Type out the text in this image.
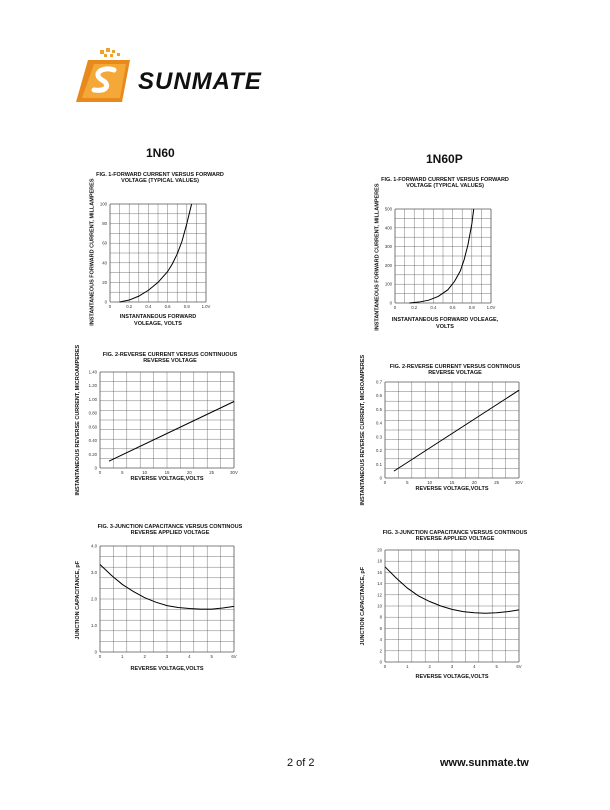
SUNMATE
1N60	1N60P
0	0.2	0.4	0.6	0.8	1.0V
0
20
40
60
80
100
FIG. 1-FORWARD CURRENT VERSUS FORWARD VOLTAGE (TYPICAL VALUES)
INSTANTANEOUS FORWARD VOLEAGE, VOLTS
INSTANTANEOUS FORWARD CURRENT, MILLAMPERES
0	5	10	15	20	25	30V
0
0.20
0.40
0.60
0.80
1.00
1.20
1.40
FIG. 2-REVERSE CURRENT VERSUS CONTINUOUS REVERSE VOLTAGE
REVERSE VOLTAGE,VOLTS
INSTANTANEOUS REVERSE CURRENT, MICROAMPERES
0	1	2	3	4	5	6V
0
1.0
2.0
3.0
4.0
FIG. 3-JUNCTION CAPACITANCE VERSUS CONTINOUS REVERSE APPLIED VOLTAGE
REVERSE VOLTAGE,VOLTS
JUNCTION CAPACITANCE, pF
0	0.2	0.4	0.6	0.8	1.0V
0
100
200
300
400
500
FIG. 1-FORWARD CURRENT VERSUS FORWARD VOLTAGE (TYPICAL VALUES)
INSTANTANEOUS FORWARD VOLEAGE, VOLTS
INSTANTANEOUS FORWARD CURRENT, MILLAMPERES
0	5	10	15	20	25	30V
0
0.1
0.2
0.3
0.4
0.5
0.6
0.7
FIG. 2-REVERSE CURRENT VERSUS CONTINOUS REVERSE VOLTAGE
REVERSE VOLTAGE,VOLTS
INSTANTANEOUS REVERSE CURRENT, MICROAMPERES
0	1	2	3	4	5	6V
0
2
4
6
8
10
12
14
16
18
20
FIG. 3-JUNCTION CAPACITANCE VERSUS CONTINOUS REVERSE APPLIED VOLTAGE
REVERSE VOLTAGE,VOLTS
JUNCTION CAPACITANCE, pF
2 of 2	www.sunmate.tw
